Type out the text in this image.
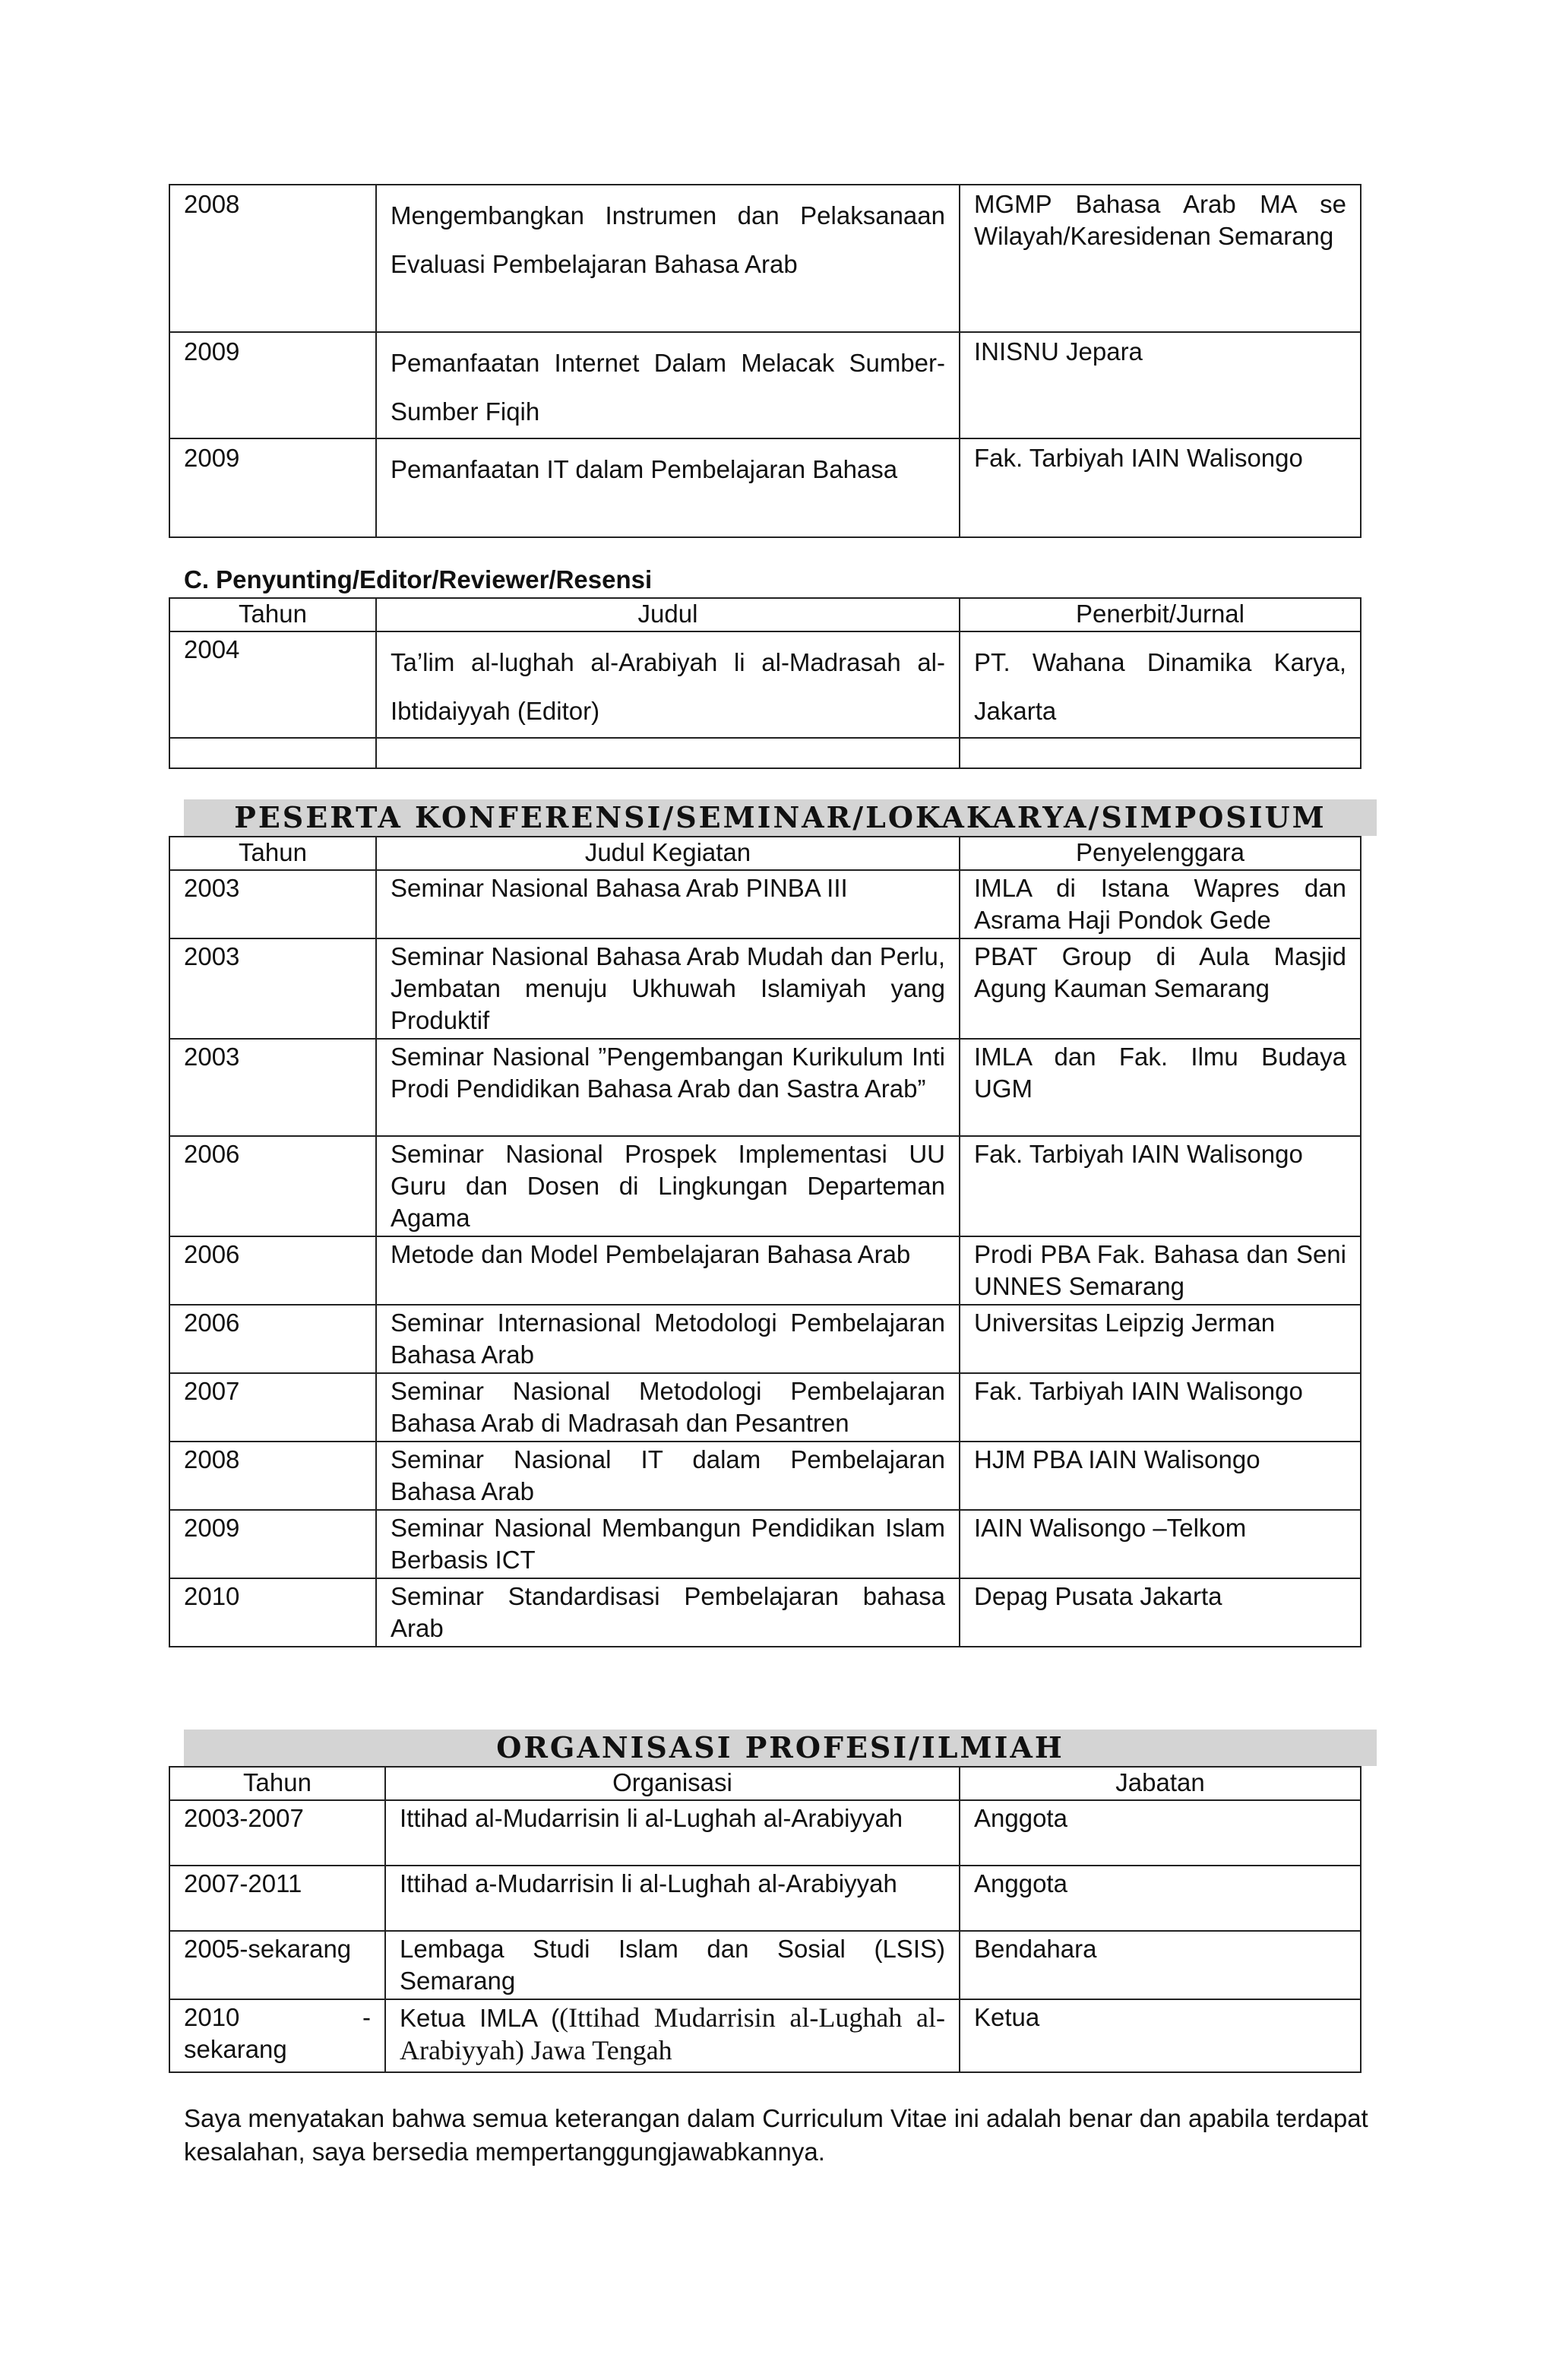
2008	Mengembangkan Instrumen dan Pelaksanaan Evaluasi Pembelajaran Bahasa Arab	MGMP Bahasa Arab MA se Wilayah/Karesidenan Semarang
2009	Pemanfaatan Internet Dalam Melacak Sumber-Sumber Fiqih	INISNU Jepara
2009	Pemanfaatan IT dalam Pembelajaran Bahasa	Fak. Tarbiyah IAIN Walisongo
C. Penyunting/Editor/Reviewer/Resensi
Tahun	Judul	Penerbit/Jurnal
2004	Ta’lim al-lughah al-Arabiyah li al-Madrasah al-Ibtidaiyyah (Editor)	PT. Wahana Dinamika Karya, Jakarta

PESERTA KONFERENSI/SEMINAR/LOKAKARYA/SIMPOSIUM
Tahun	Judul Kegiatan	Penyelenggara
2003	Seminar Nasional Bahasa Arab PINBA III	IMLA di Istana Wapres dan Asrama Haji Pondok Gede
2003	Seminar Nasional Bahasa Arab Mudah dan Perlu, Jembatan menuju Ukhuwah Islamiyah yang Produktif	PBAT Group di Aula Masjid Agung Kauman Semarang
2003	Seminar Nasional ”Pengembangan Kurikulum Inti Prodi Pendidikan Bahasa Arab dan Sastra Arab”	IMLA dan Fak. Ilmu Budaya UGM
2006	Seminar Nasional Prospek Implementasi UU Guru dan Dosen di Lingkungan Departeman Agama	Fak. Tarbiyah IAIN Walisongo
2006	Metode dan Model Pembelajaran Bahasa Arab	Prodi PBA Fak. Bahasa dan Seni UNNES Semarang
2006	Seminar Internasional Metodologi Pembelajaran Bahasa Arab	Universitas Leipzig Jerman
2007	Seminar Nasional Metodologi Pembelajaran Bahasa Arab di Madrasah dan Pesantren	Fak. Tarbiyah IAIN Walisongo
2008	Seminar Nasional IT dalam Pembelajaran Bahasa Arab	HJM PBA IAIN Walisongo
2009	Seminar Nasional Membangun Pendidikan Islam Berbasis ICT	IAIN Walisongo –Telkom
2010	Seminar Standardisasi Pembelajaran bahasa Arab	Depag Pusata Jakarta
ORGANISASI PROFESI/ILMIAH
Tahun	Organisasi	Jabatan
2003-2007	Ittihad al-Mudarrisin li al-Lughah al-Arabiyyah	Anggota
2007-2011	Ittihad a-Mudarrisin li al-Lughah al-Arabiyyah	Anggota
2005-sekarang	Lembaga Studi Islam dan Sosial (LSIS) Semarang	Bendahara

2010 -
sekarang	Ketua IMLA ((Ittihad Mudarrisin al-Lughah al-Arabiyyah) Jawa Tengah	Ketua
Saya menyatakan bahwa semua keterangan dalam Curriculum Vitae ini adalah benar dan apabila terdapat kesalahan, saya bersedia mempertanggungjawabkannya.
